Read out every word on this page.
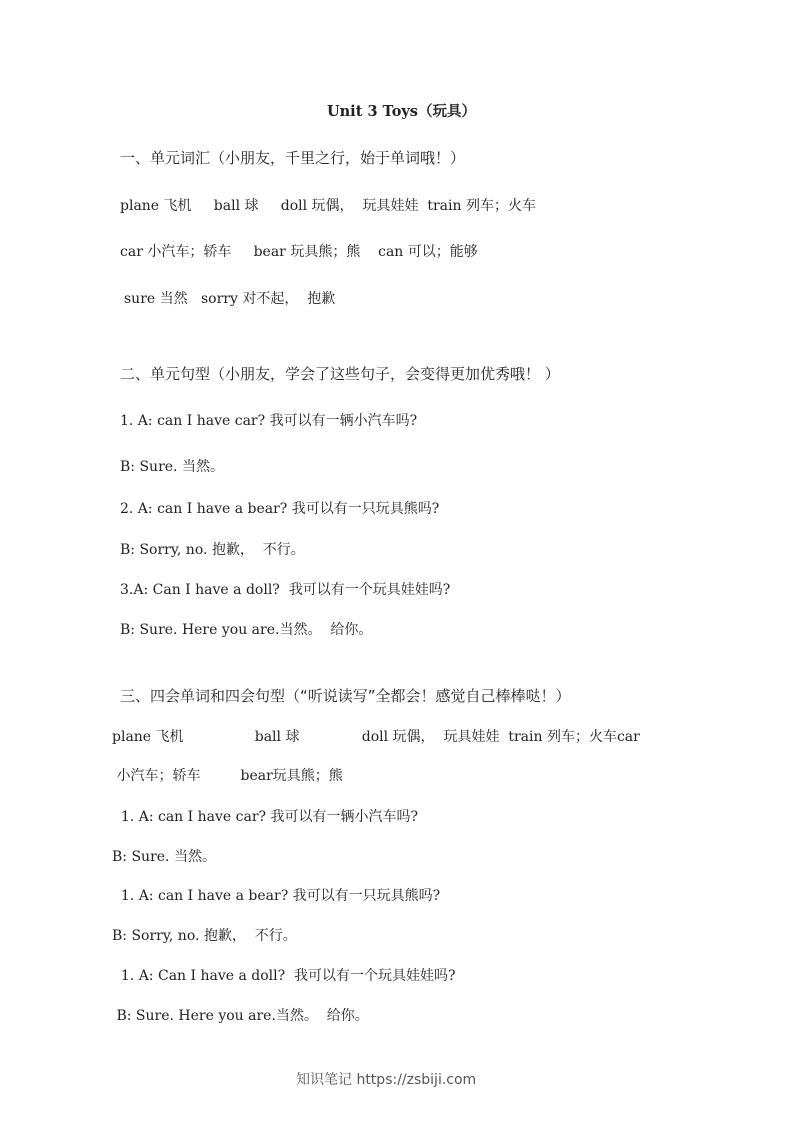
Unit 3 Toys（玩具）
一、单元词汇（小朋友，千里之行，始于单词哦！）
plane 飞机     ball 球     doll 玩偶，  玩具娃娃  train 列车；火车
car 小汽车；轿车     bear 玩具熊；熊    can 可以；能够
sure 当然   sorry 对不起，  抱歉
二、单元句型（小朋友，学会了这些句子，会变得更加优秀哦！ ）
1. A: can I have car? 我可以有一辆小汽车吗?
B: Sure. 当然。
2. A: can I have a bear? 我可以有一只玩具熊吗?
B: Sorry, no. 抱歉，  不行。
3.A: Can I have a doll?  我可以有一个玩具娃娃吗?
B: Sure. Here you are.当然。  给你。
三、四会单词和四会句型（“听说读写”全都会！感觉自己棒棒哒！）
plane 飞机                ball 球              doll 玩偶，  玩具娃娃  train 列车；火车car
小汽车；轿车         bear玩具熊；熊
1. A: can I have car? 我可以有一辆小汽车吗?
B: Sure. 当然。
1. A: can I have a bear? 我可以有一只玩具熊吗?
B: Sorry, no. 抱歉，  不行。
1. A: Can I have a doll?  我可以有一个玩具娃娃吗?
B: Sure. Here you are.当然。  给你。
知识笔记 https://zsbiji.com
